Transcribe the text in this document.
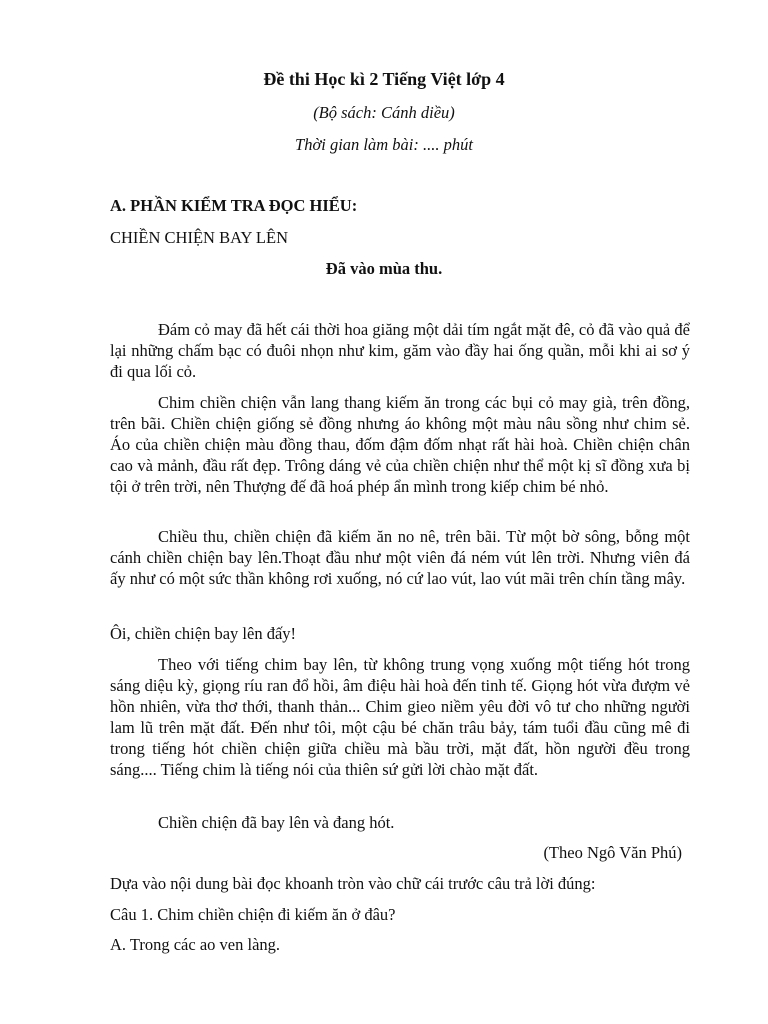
Đề thi Học kì 2 Tiếng Việt lớp 4
(Bộ sách: Cánh diều)
Thời gian làm bài: .... phút
A. PHẦN KIỂM TRA ĐỌC HIỂU:
CHIỀN CHIỆN BAY LÊN
Đã vào mùa thu.
Đám cỏ may đã hết cái thời hoa giăng một dải tím ngắt mặt đê, cỏ đã vào quả để lại những chấm bạc có đuôi nhọn như kim, găm vào đầy hai ống quần, mỗi khi ai sơ ý đi qua lối cỏ.
Chim chiền chiện vẫn lang thang kiếm ăn trong các bụi cỏ may già, trên đồng, trên bãi. Chiền chiện giống sẻ đồng nhưng áo không một màu nâu sồng như chim sẻ. Áo của chiền chiện màu đồng thau, đốm đậm đốm nhạt rất hài hoà. Chiền chiện chân cao và mảnh, đầu rất đẹp. Trông dáng vẻ của chiền chiện như thể một kị sĩ đồng xưa bị tội ở trên trời, nên Thượng đế đã hoá phép ẩn mình trong kiếp chim bé nhỏ.
Chiều thu, chiền chiện đã kiếm ăn no nê, trên bãi. Từ một bờ sông, bỗng một cánh chiền chiện bay lên.Thoạt đầu như một viên đá ném vút lên trời. Nhưng viên đá ấy như có một sức thần không rơi xuống, nó cứ lao vút, lao vút mãi trên chín tầng mây.
Ôi, chiền chiện bay lên đấy!
Theo với tiếng chim bay lên, từ không trung vọng xuống một tiếng hót trong sáng diệu kỳ, giọng ríu ran đổ hồi, âm điệu hài hoà đến tinh tế. Giọng hót vừa đượm vẻ hồn nhiên, vừa thơ thới, thanh thản... Chim gieo niềm yêu đời vô tư cho những người lam lũ trên mặt đất. Đến như tôi, một cậu bé chăn trâu bảy, tám tuổi đầu cũng mê đi trong tiếng hót chiền chiện giữa chiều mà bầu trời, mặt đất, hồn người đều trong sáng.... Tiếng chim là tiếng nói của thiên sứ gửi lời chào mặt đất.
Chiền chiện đã bay lên và đang hót.
(Theo Ngô Văn Phú)
Dựa vào nội dung bài đọc khoanh tròn vào chữ cái trước câu trả lời đúng:
Câu 1. Chim chiền chiện đi kiếm ăn ở đâu?
A. Trong các ao ven làng.
